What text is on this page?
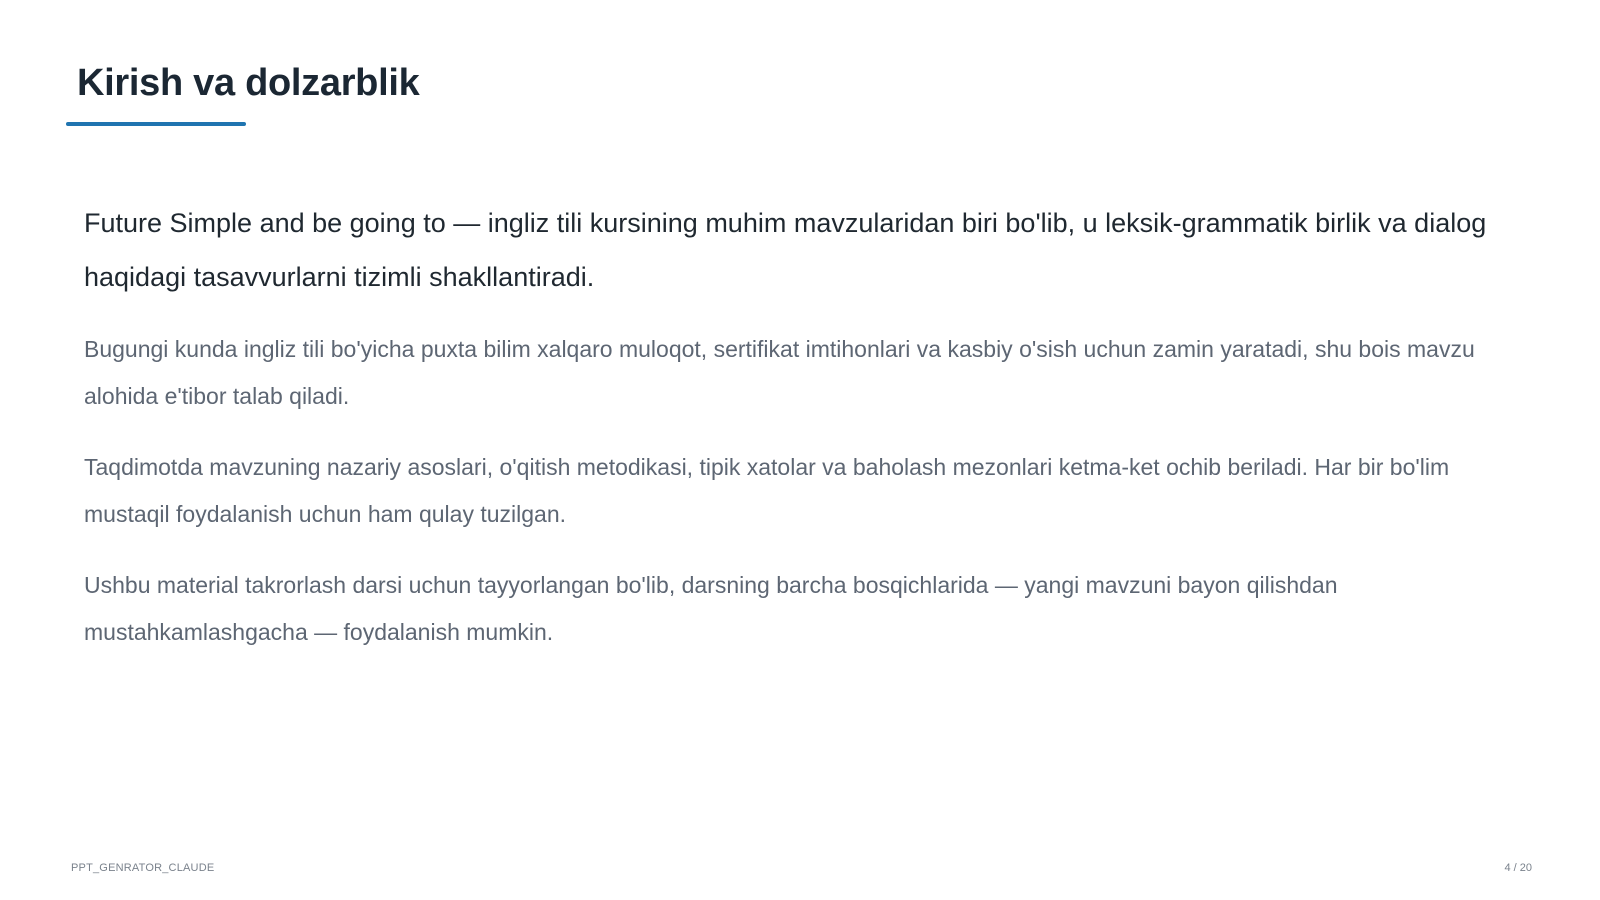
Kirish va dolzarblik

Future Simple and be going to — ingliz tili kursining muhim mavzularidan biri bo'lib, u leksik-grammatik birlik va dialog haqidagi tasavvurlarni tizimli shakllantiradi.

Bugungi kunda ingliz tili bo'yicha puxta bilim xalqaro muloqot, sertifikat imtihonlari va kasbiy o'sish uchun zamin yaratadi, shu bois mavzu alohida e'tibor talab qiladi.

Taqdimotda mavzuning nazariy asoslari, o'qitish metodikasi, tipik xatolar va baholash mezonlari ketma-ket ochib beriladi. Har bir bo'lim mustaqil foydalanish uchun ham qulay tuzilgan.

Ushbu material takrorlash darsi uchun tayyorlangan bo'lib, darsning barcha bosqichlarida — yangi mavzuni bayon qilishdan mustahkamlashgacha — foydalanish mumkin.

PPT_GENRATOR_CLAUDE	4 / 20
